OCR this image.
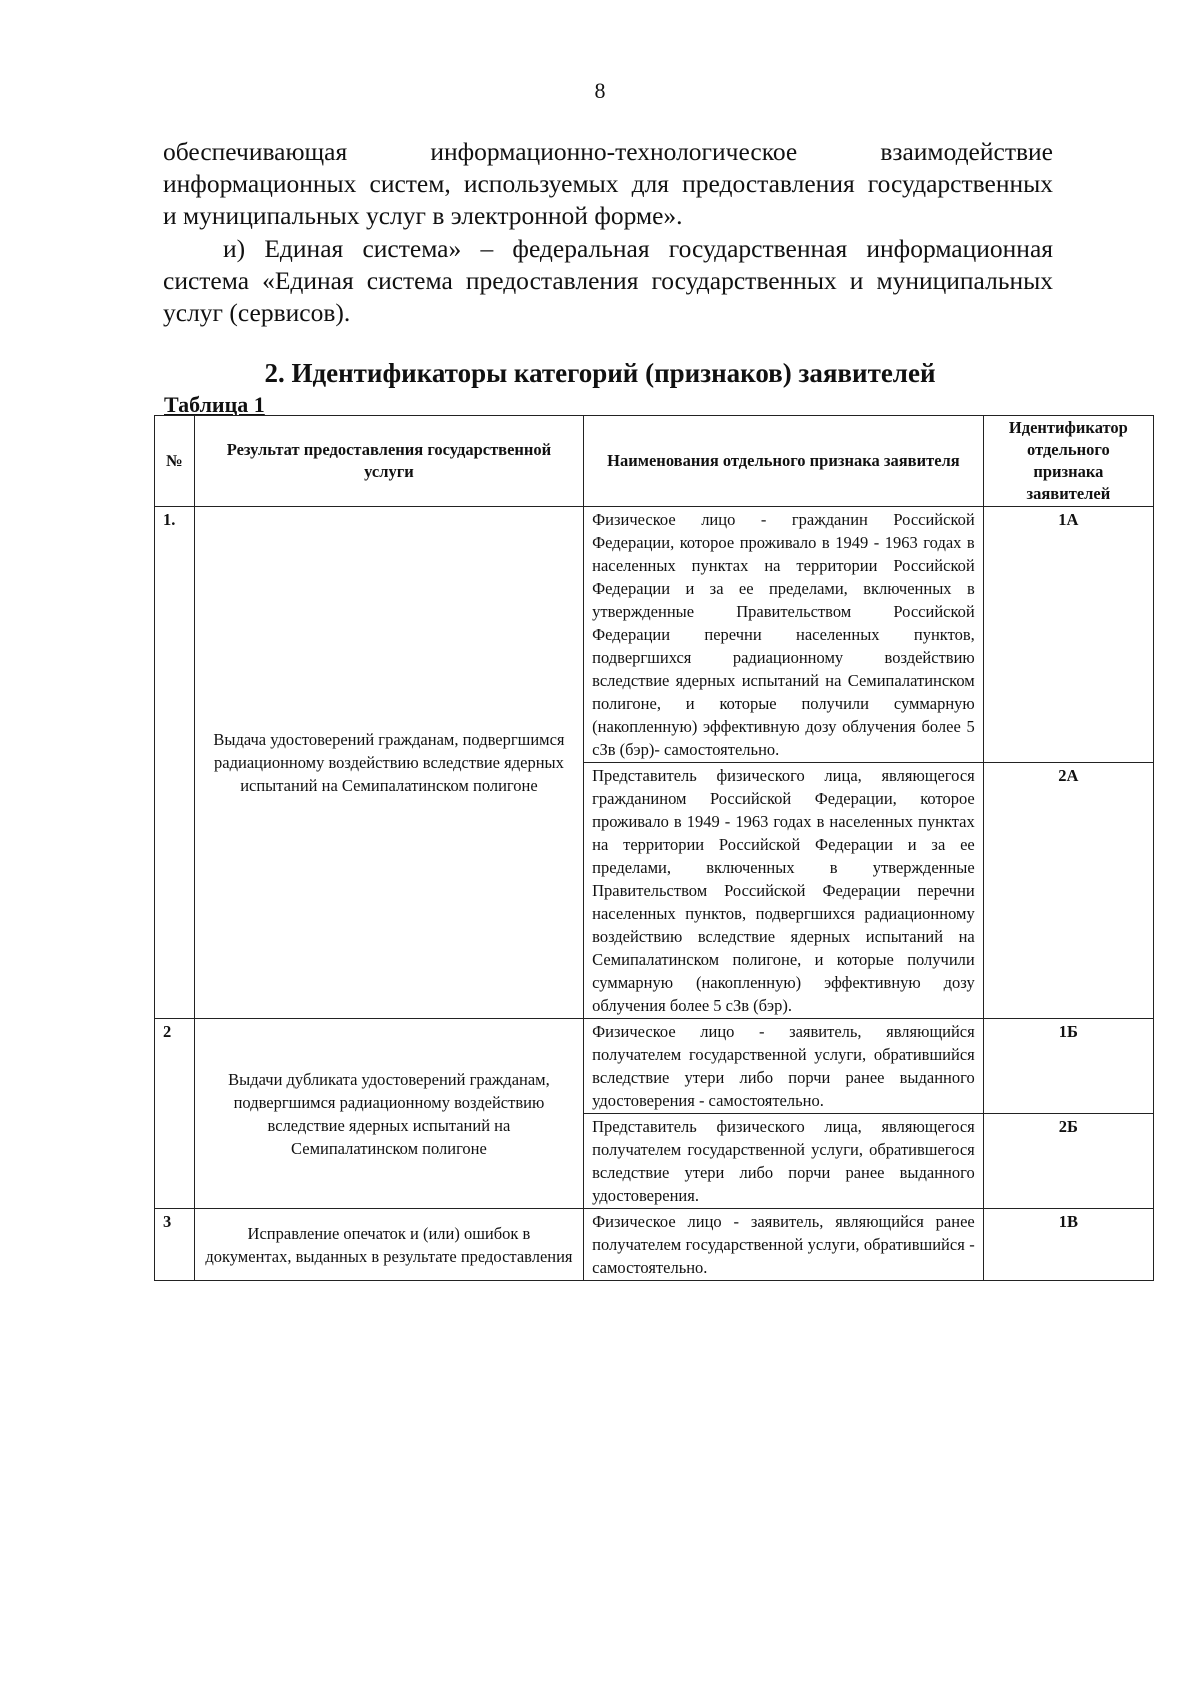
8
обеспечивающая информационно-технологическое взаимодействие
информационных систем, используемых для предоставления государственных
и муниципальных услуг в электронной форме».
и) Единая система» – федеральная государственная информационная
система «Единая система предоставления государственных и муниципальных
услуг (сервисов).
2. Идентификаторы категорий (признаков) заявителей
Таблица 1
№	Результат предоставления государственной услуги	Наименования отдельного признака заявителя	Идентификатор отдельного признака заявителей
1.	Выдача удостоверений гражданам, подвергшимся радиационному воздействию вследствие ядерных испытаний на Семипалатинском полигоне	Физическое лицо - гражданин Российской Федерации, которое проживало в 1949 - 1963 годах в населенных пунктах на территории Российской Федерации и за ее пределами, включенных в утвержденные Правительством Российской Федерации перечни населенных пунктов, подвергшихся радиационному воздействию вследствие ядерных испытаний на Семипалатинском полигоне, и которые получили суммарную (накопленную) эффективную дозу облучения более 5 сЗв (бэр)- самостоятельно.	1А
		Представитель физического лица, являющегося гражданином Российской Федерации, которое проживало в 1949 - 1963 годах в населенных пунктах на территории Российской Федерации и за ее пределами, включенных в утвержденные Правительством Российской Федерации перечни населенных пунктов, подвергшихся радиационному воздействию вследствие ядерных испытаний на Семипалатинском полигоне, и которые получили суммарную (накопленную) эффективную дозу облучения более 5 сЗв (бэр).	2А
2	Выдачи дубликата удостоверений гражданам, подвергшимся радиационному воздействию вследствие ядерных испытаний на Семипалатинском полигоне	Физическое лицо - заявитель, являющийся получателем государственной услуги, обратившийся вследствие утери либо порчи ранее выданного удостоверения - самостоятельно.	1Б
		Представитель физического лица, являющегося получателем государственной услуги, обратившегося вследствие утери либо порчи ранее выданного удостоверения.	2Б
3	Исправление опечаток и (или) ошибок в документах, выданных в результате предоставления	Физическое лицо - заявитель, являющийся ранее получателем государственной услуги, обратившийся - самостоятельно.	1В
